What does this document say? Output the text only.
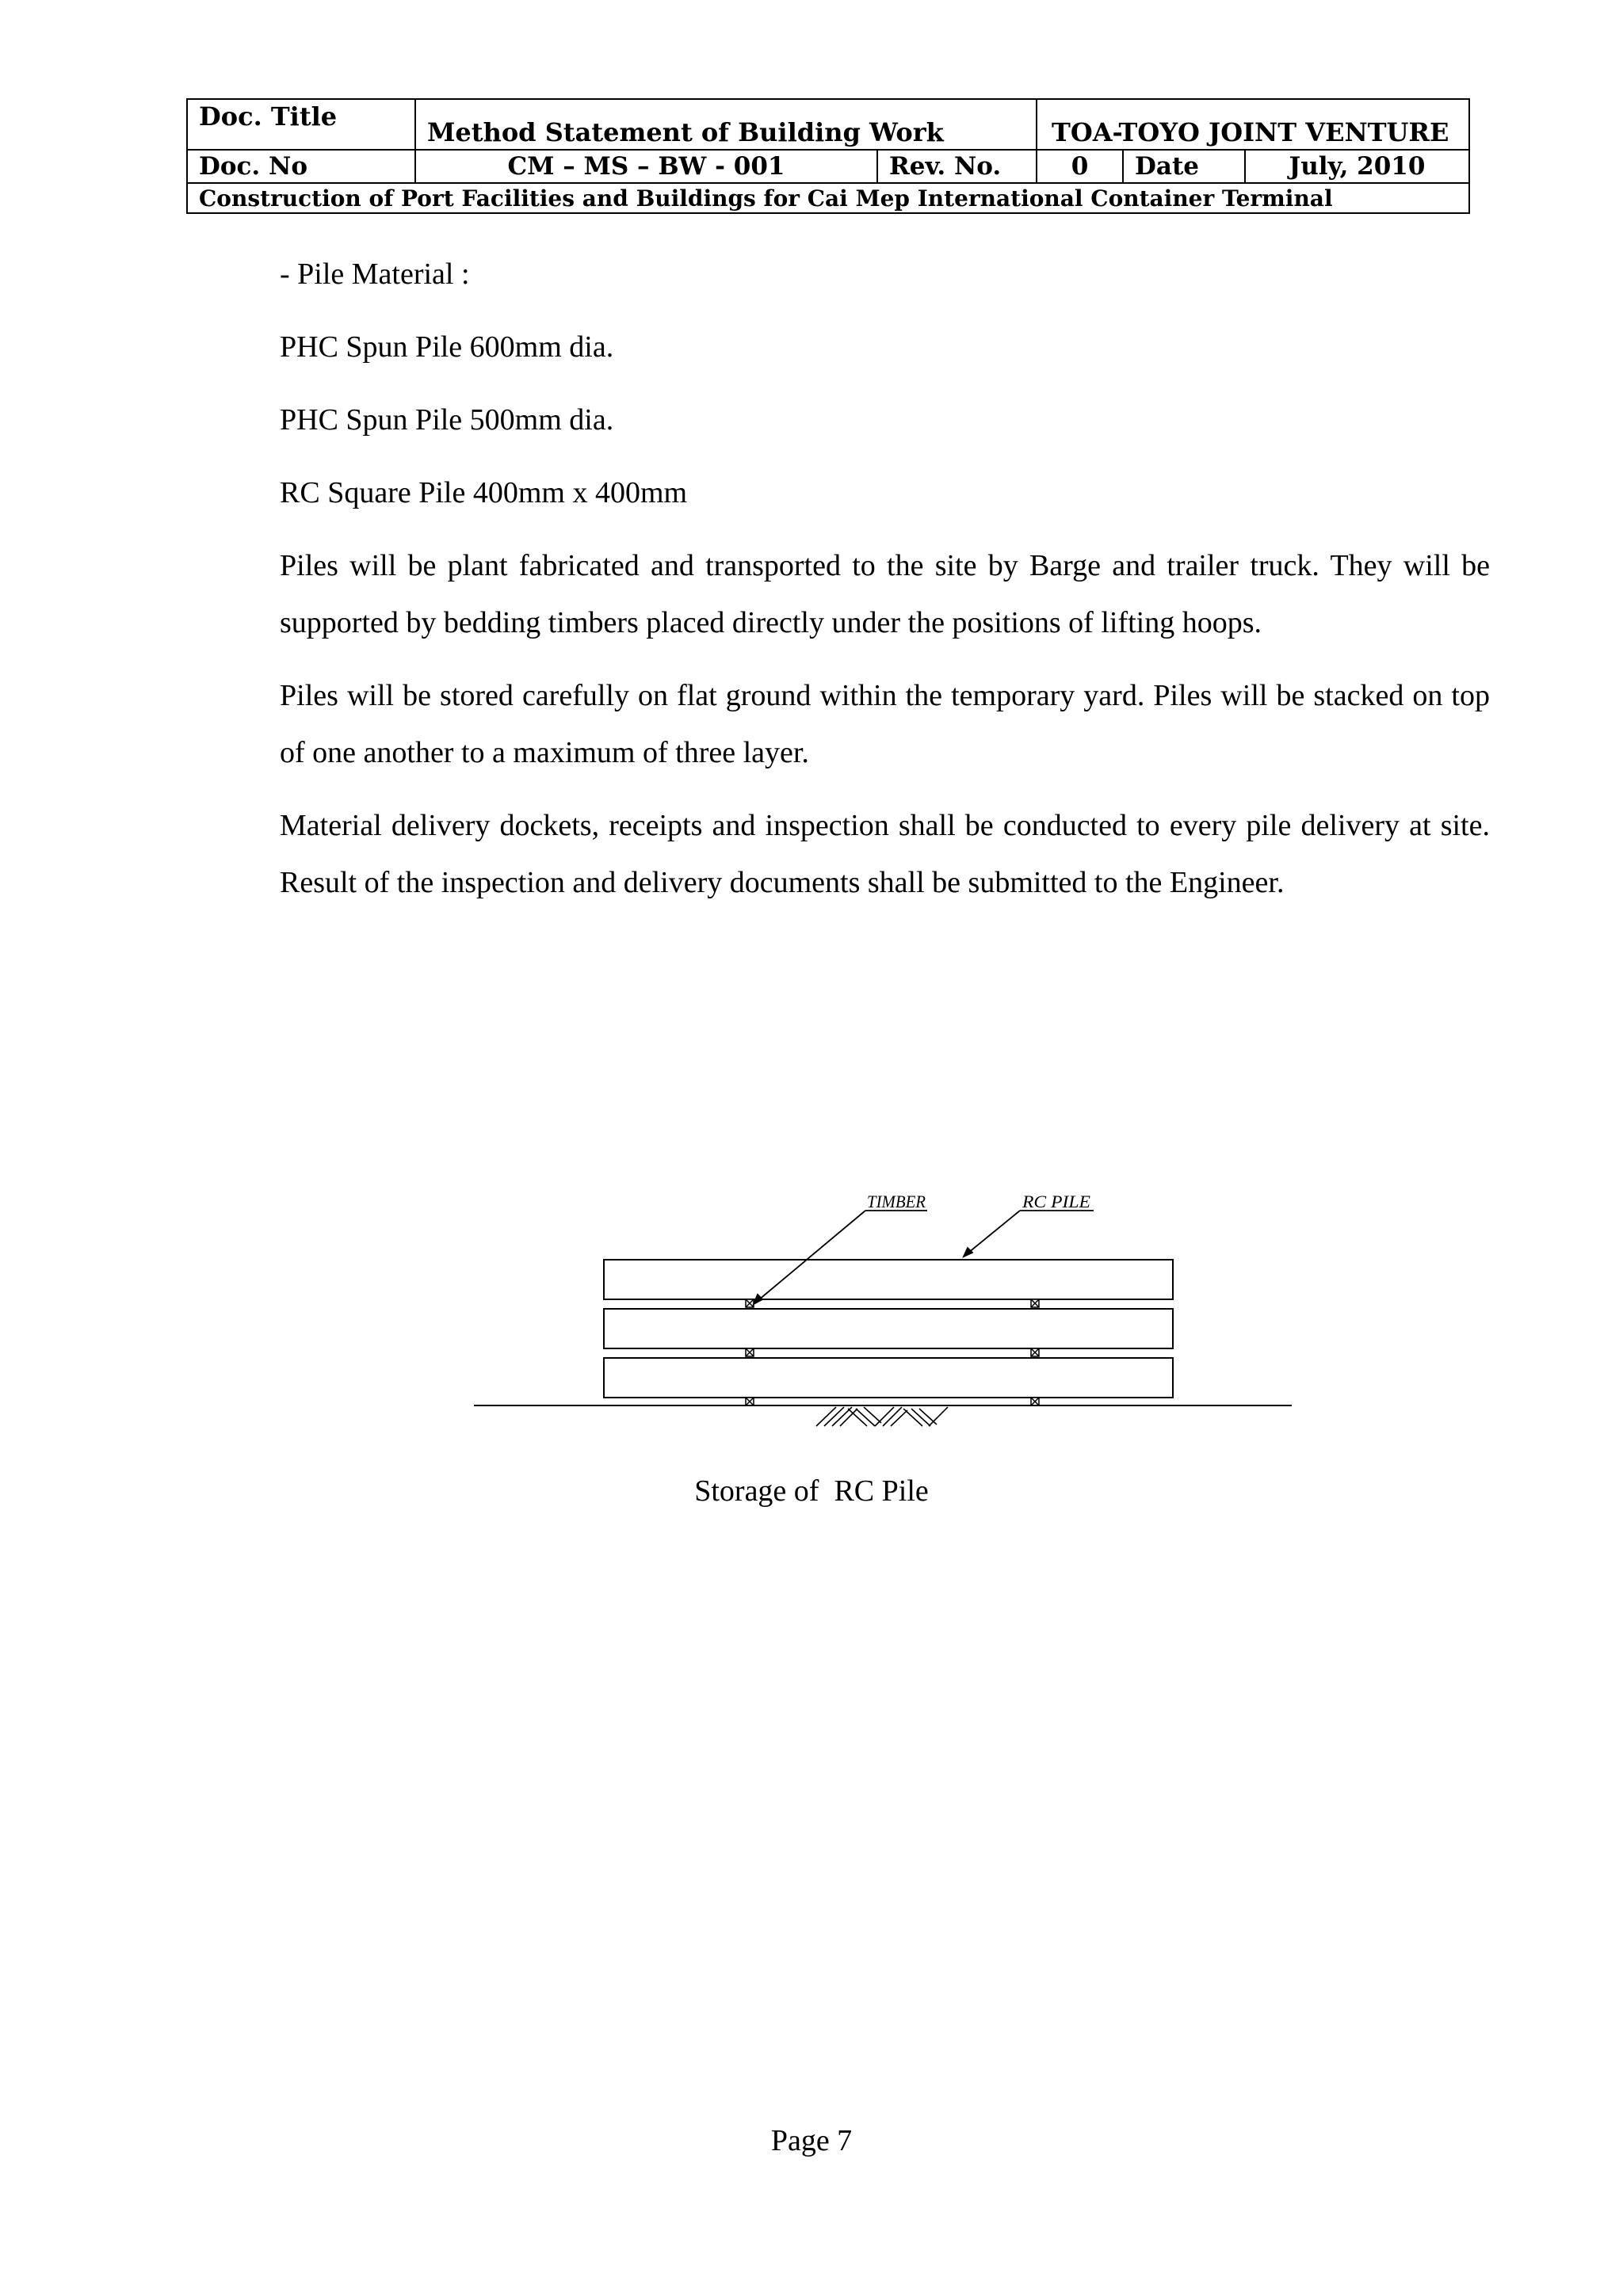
Doc. Title	Method Statement of Building Work		TOA-TOYO JOINT VENTURE		
Doc. No	CM – MS – BW - 001	Rev. No.	0	Date	July, 2010
Construction of Port Facilities and Buildings for Cai Mep International Container Terminal					

- Pile Material :

PHC Spun Pile 600mm dia.

PHC Spun Pile 500mm dia.

RC Square Pile 400mm x 400mm

Piles will be plant fabricated and transported to the site by Barge and trailer truck. They will be supported by bedding timbers placed directly under the positions of lifting hoops.

Piles will be stored carefully on flat ground within the temporary yard. Piles will be stacked on top of one another to a maximum of three layer.

Material delivery dockets, receipts and inspection shall be conducted to every pile delivery at site. Result of the inspection and delivery documents shall be submitted to the Engineer.

TIMBER	RC PILE
Storage of  RC Pile
Page 7
